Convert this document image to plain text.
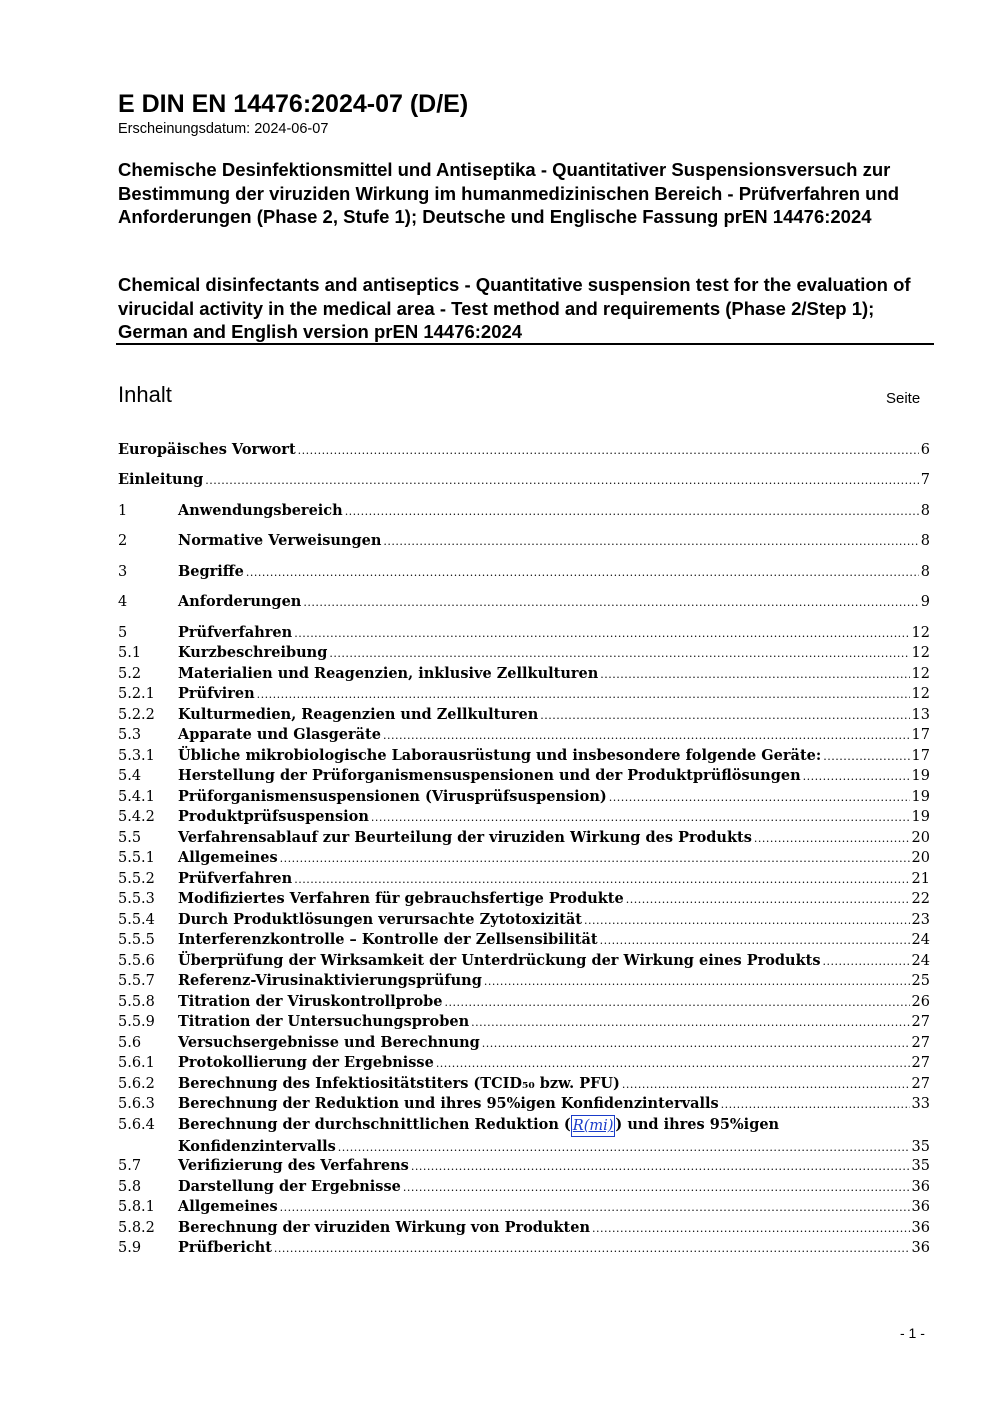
E DIN EN 14476:2024-07 (D/E)
Erscheinungsdatum: 2024-06-07

Chemische Desinfektionsmittel und Antiseptika - Quantitativer Suspensionsversuch zur Bestimmung der viruziden Wirkung im humanmedizinischen Bereich - Prüfverfahren und Anforderungen (Phase 2, Stufe 1); Deutsche und Englische Fassung prEN 14476:2024

Chemical disinfectants and antiseptics - Quantitative suspension test for the evaluation of virucidal activity in the medical area - Test method and requirements (Phase 2/Step 1); German and English version prEN 14476:2024

Inhalt	Seite
Europäisches Vorwort .....	6
Einleitung .....	7
1	Anwendungsbereich .....	8
2	Normative Verweisungen .....	8
3	Begriffe .....	8
4	Anforderungen .....	9
5	Prüfverfahren .....	12
5.1	Kurzbeschreibung .....	12
5.2	Materialien und Reagenzien, inklusive Zellkulturen .....	12
5.2.1	Prüfviren .....	12
5.2.2	Kulturmedien, Reagenzien und Zellkulturen .....	13
5.3	Apparate und Glasgeräte .....	17
5.3.1	Übliche mikrobiologische Laborausrüstung und insbesondere folgende Geräte: .....	17
5.4	Herstellung der Prüforganismensuspensionen und der Produktprüflösungen .....	19
5.4.1	Prüforganismensuspensionen (Virusprüfsuspension) .....	19
5.4.2	Produktprüfsuspension .....	19
5.5	Verfahrensablauf zur Beurteilung der viruziden Wirkung des Produkts .....	20
5.5.1	Allgemeines .....	20
5.5.2	Prüfverfahren .....	21
5.5.3	Modifiziertes Verfahren für gebrauchsfertige Produkte .....	22
5.5.4	Durch Produktlösungen verursachte Zytotoxizität .....	23
5.5.5	Interferenzkontrolle – Kontrolle der Zellsensibilität .....	24
5.5.6	Überprüfung der Wirksamkeit der Unterdrückung der Wirkung eines Produkts .....	24
5.5.7	Referenz-Virusinaktivierungsprüfung .....	25
5.5.8	Titration der Viruskontrollprobe .....	26
5.5.9	Titration der Untersuchungsproben .....	27
5.6	Versuchsergebnisse und Berechnung .....	27
5.6.1	Protokollierung der Ergebnisse .....	27
5.6.2	Berechnung des Infektiositätstiters (TCID₅₀ bzw. PFU) .....	27
5.6.3	Berechnung der Reduktion und ihres 95%igen Konfidenzintervalls .....	33
5.6.4	Berechnung der durchschnittlichen Reduktion ( R(mi) ) und ihres 95%igen
Konfidenzintervalls .....	35
5.7	Verifizierung des Verfahrens .....	35
5.8	Darstellung der Ergebnisse .....	36
5.8.1	Allgemeines .....	36
5.8.2	Berechnung der viruziden Wirkung von Produkten .....	36
5.9	Prüfbericht .....	36
- 1 -
